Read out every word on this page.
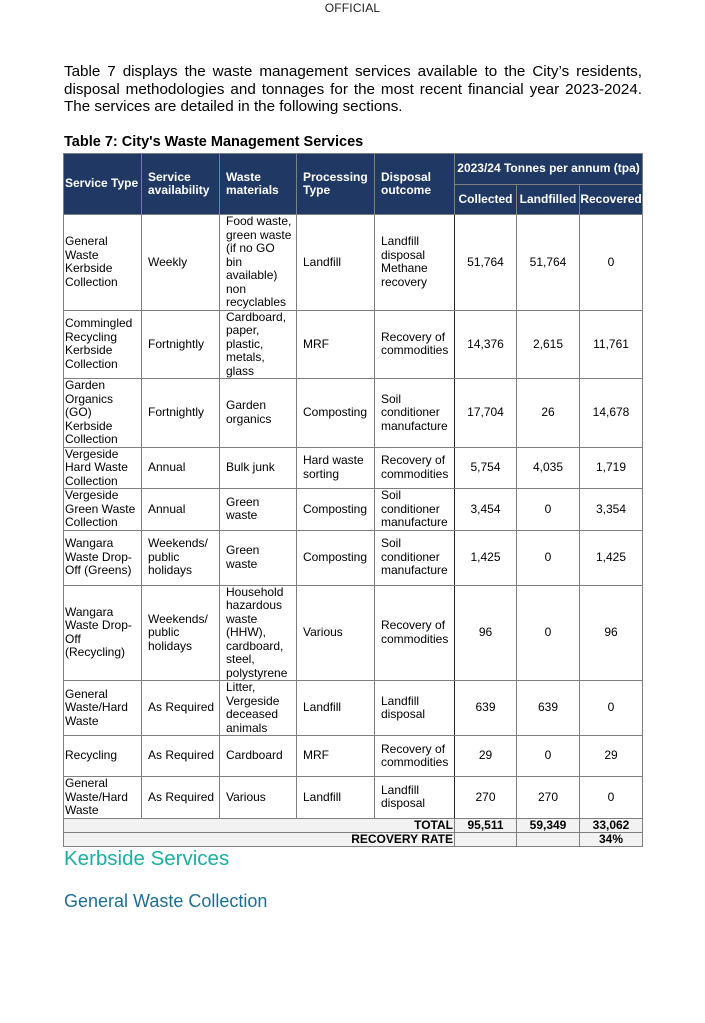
OFFICIAL

Table 7 displays the waste management services available to the City’s residents, disposal methodologies and tonnages for the most recent financial year 2023-2024. The services are detailed in the following sections.

Table 7: City's Waste Management Services

Service Type	Service availability	Waste materials	Processing Type	Disposal outcome	2023/24 Tonnes per annum (tpa)		
					Collected	Landfilled	Recovered
General Waste Kerbside Collection	Weekly	Food waste, green waste (if no GO bin available) non recyclables	Landfill	Landfill disposal Methane recovery	51,764	51,764	0
Commingled Recycling Kerbside Collection	Fortnightly	Cardboard, paper, plastic, metals, glass	MRF	Recovery of commodities	14,376	2,615	11,761
Garden Organics (GO) Kerbside Collection	Fortnightly	Garden organics	Composting	Soil conditioner manufacture	17,704	26	14,678
Vergeside Hard Waste Collection	Annual	Bulk junk	Hard waste sorting	Recovery of commodities	5,754	4,035	1,719
Vergeside Green Waste Collection	Annual	Green waste	Composting	Soil conditioner manufacture	3,454	0	3,354
Wangara Waste Drop-Off (Greens)	Weekends/ public holidays	Green waste	Composting	Soil conditioner manufacture	1,425	0	1,425
Wangara Waste Drop-Off (Recycling)	Weekends/ public holidays	Household hazardous waste (HHW), cardboard, steel, polystyrene	Various	Recovery of commodities	96	0	96
General Waste/Hard Waste	As Required	Litter, Vergeside deceased animals	Landfill	Landfill disposal	639	639	0
Recycling	As Required	Cardboard	MRF	Recovery of commodities	29	0	29
General Waste/Hard Waste	As Required	Various	Landfill	Landfill disposal	270	270	0
TOTAL					95,511	59,349	33,062
RECOVERY RATE							34%
Kerbside Services
General Waste Collection
